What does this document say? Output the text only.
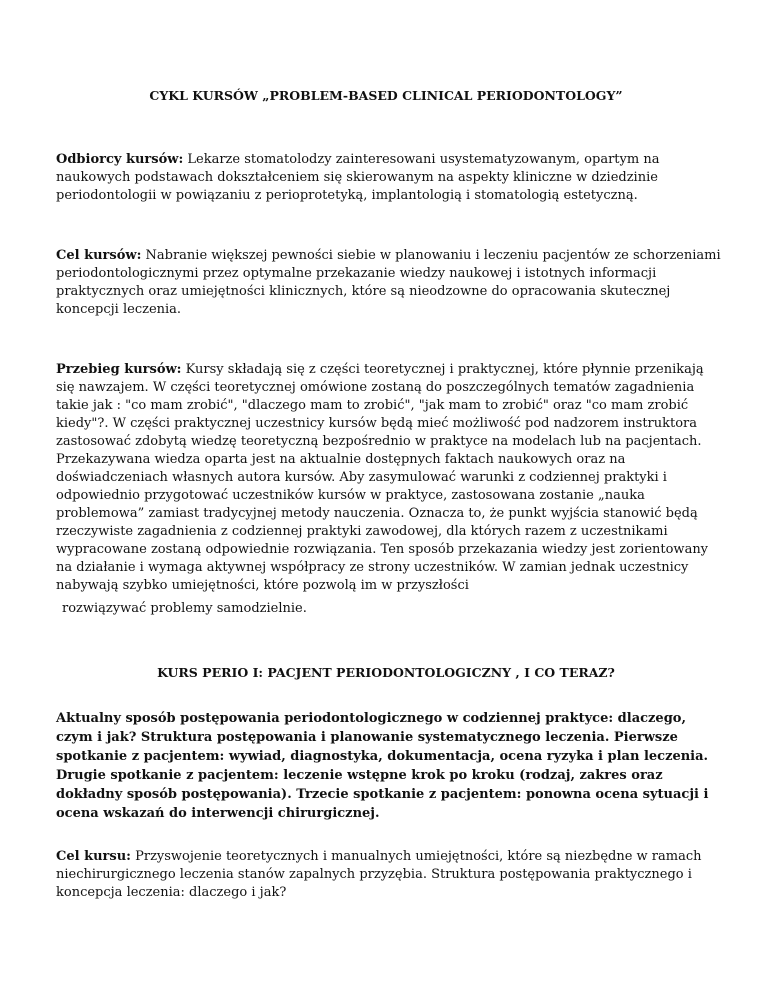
CYKL KURSÓW „PROBLEM-BASED CLINICAL PERIODONTOLOGY”

Odbiorcy kursów: Lekarze stomatolodzy zainteresowani usystematyzowanym, opartym na
naukowych podstawach dokształceniem się skierowanym na aspekty kliniczne w dziedzinie
periodontologii w powiązaniu z perioprotetyką, implantologią i stomatologią estetyczną.

Cel kursów: Nabranie większej pewności siebie w planowaniu i leczeniu pacjentów ze schorzeniami
periodontologicznymi przez optymalne przekazanie wiedzy naukowej i istotnych informacji
praktycznych oraz umiejętności klinicznych, które są nieodzowne do opracowania skutecznej
koncepcji leczenia.

Przebieg kursów: Kursy składają się z części teoretycznej i praktycznej, które płynnie przenikają
się nawzajem. W części teoretycznej omówione zostaną do poszczególnych tematów zagadnienia
takie jak : "co mam zrobić", "dlaczego mam to zrobić", "jak mam to zrobić" oraz "co mam zrobić
kiedy"?. W części praktycznej uczestnicy kursów będą mieć możliwość pod nadzorem instruktora
zastosować zdobytą wiedzę teoretyczną bezpośrednio w praktyce na modelach lub na pacjentach.
Przekazywana wiedza oparta jest na aktualnie dostępnych faktach naukowych oraz na
doświadczeniach własnych autora kursów. Aby zasymulować warunki z codziennej praktyki i
odpowiednio przygotować uczestników kursów w praktyce, zastosowana zostanie „nauka
problemowa” zamiast tradycyjnej metody nauczenia. Oznacza to, że punkt wyjścia stanowić będą
rzeczywiste zagadnienia z codziennej praktyki zawodowej, dla których razem z uczestnikami
wypracowane zostaną odpowiednie rozwiązania. Ten sposób przekazania wiedzy jest zorientowany
na działanie i wymaga aktywnej współpracy ze strony uczestników. W zamian jednak uczestnicy
nabywają szybko umiejętności, które pozwolą im w przyszłości

rozwiązywać problemy samodzielnie.

KURS PERIO I: PACJENT PERIODONTOLOGICZNY , I CO TERAZ?

Aktualny sposób postępowania periodontologicznego w codziennej praktyce: dlaczego,
czym i jak? Struktura postępowania i planowanie systematycznego leczenia. Pierwsze
spotkanie z pacjentem: wywiad, diagnostyka, dokumentacja, ocena ryzyka i plan leczenia.
Drugie spotkanie z pacjentem: leczenie wstępne krok po kroku (rodzaj, zakres oraz
dokładny sposób postępowania). Trzecie spotkanie z pacjentem: ponowna ocena sytuacji i
ocena wskazań do interwencji chirurgicznej.

Cel kursu: Przyswojenie teoretycznych i manualnych umiejętności, które są niezbędne w ramach
niechirurgicznego leczenia stanów zapalnych przyzębia. Struktura postępowania praktycznego i
koncepcja leczenia: dlaczego i jak?
